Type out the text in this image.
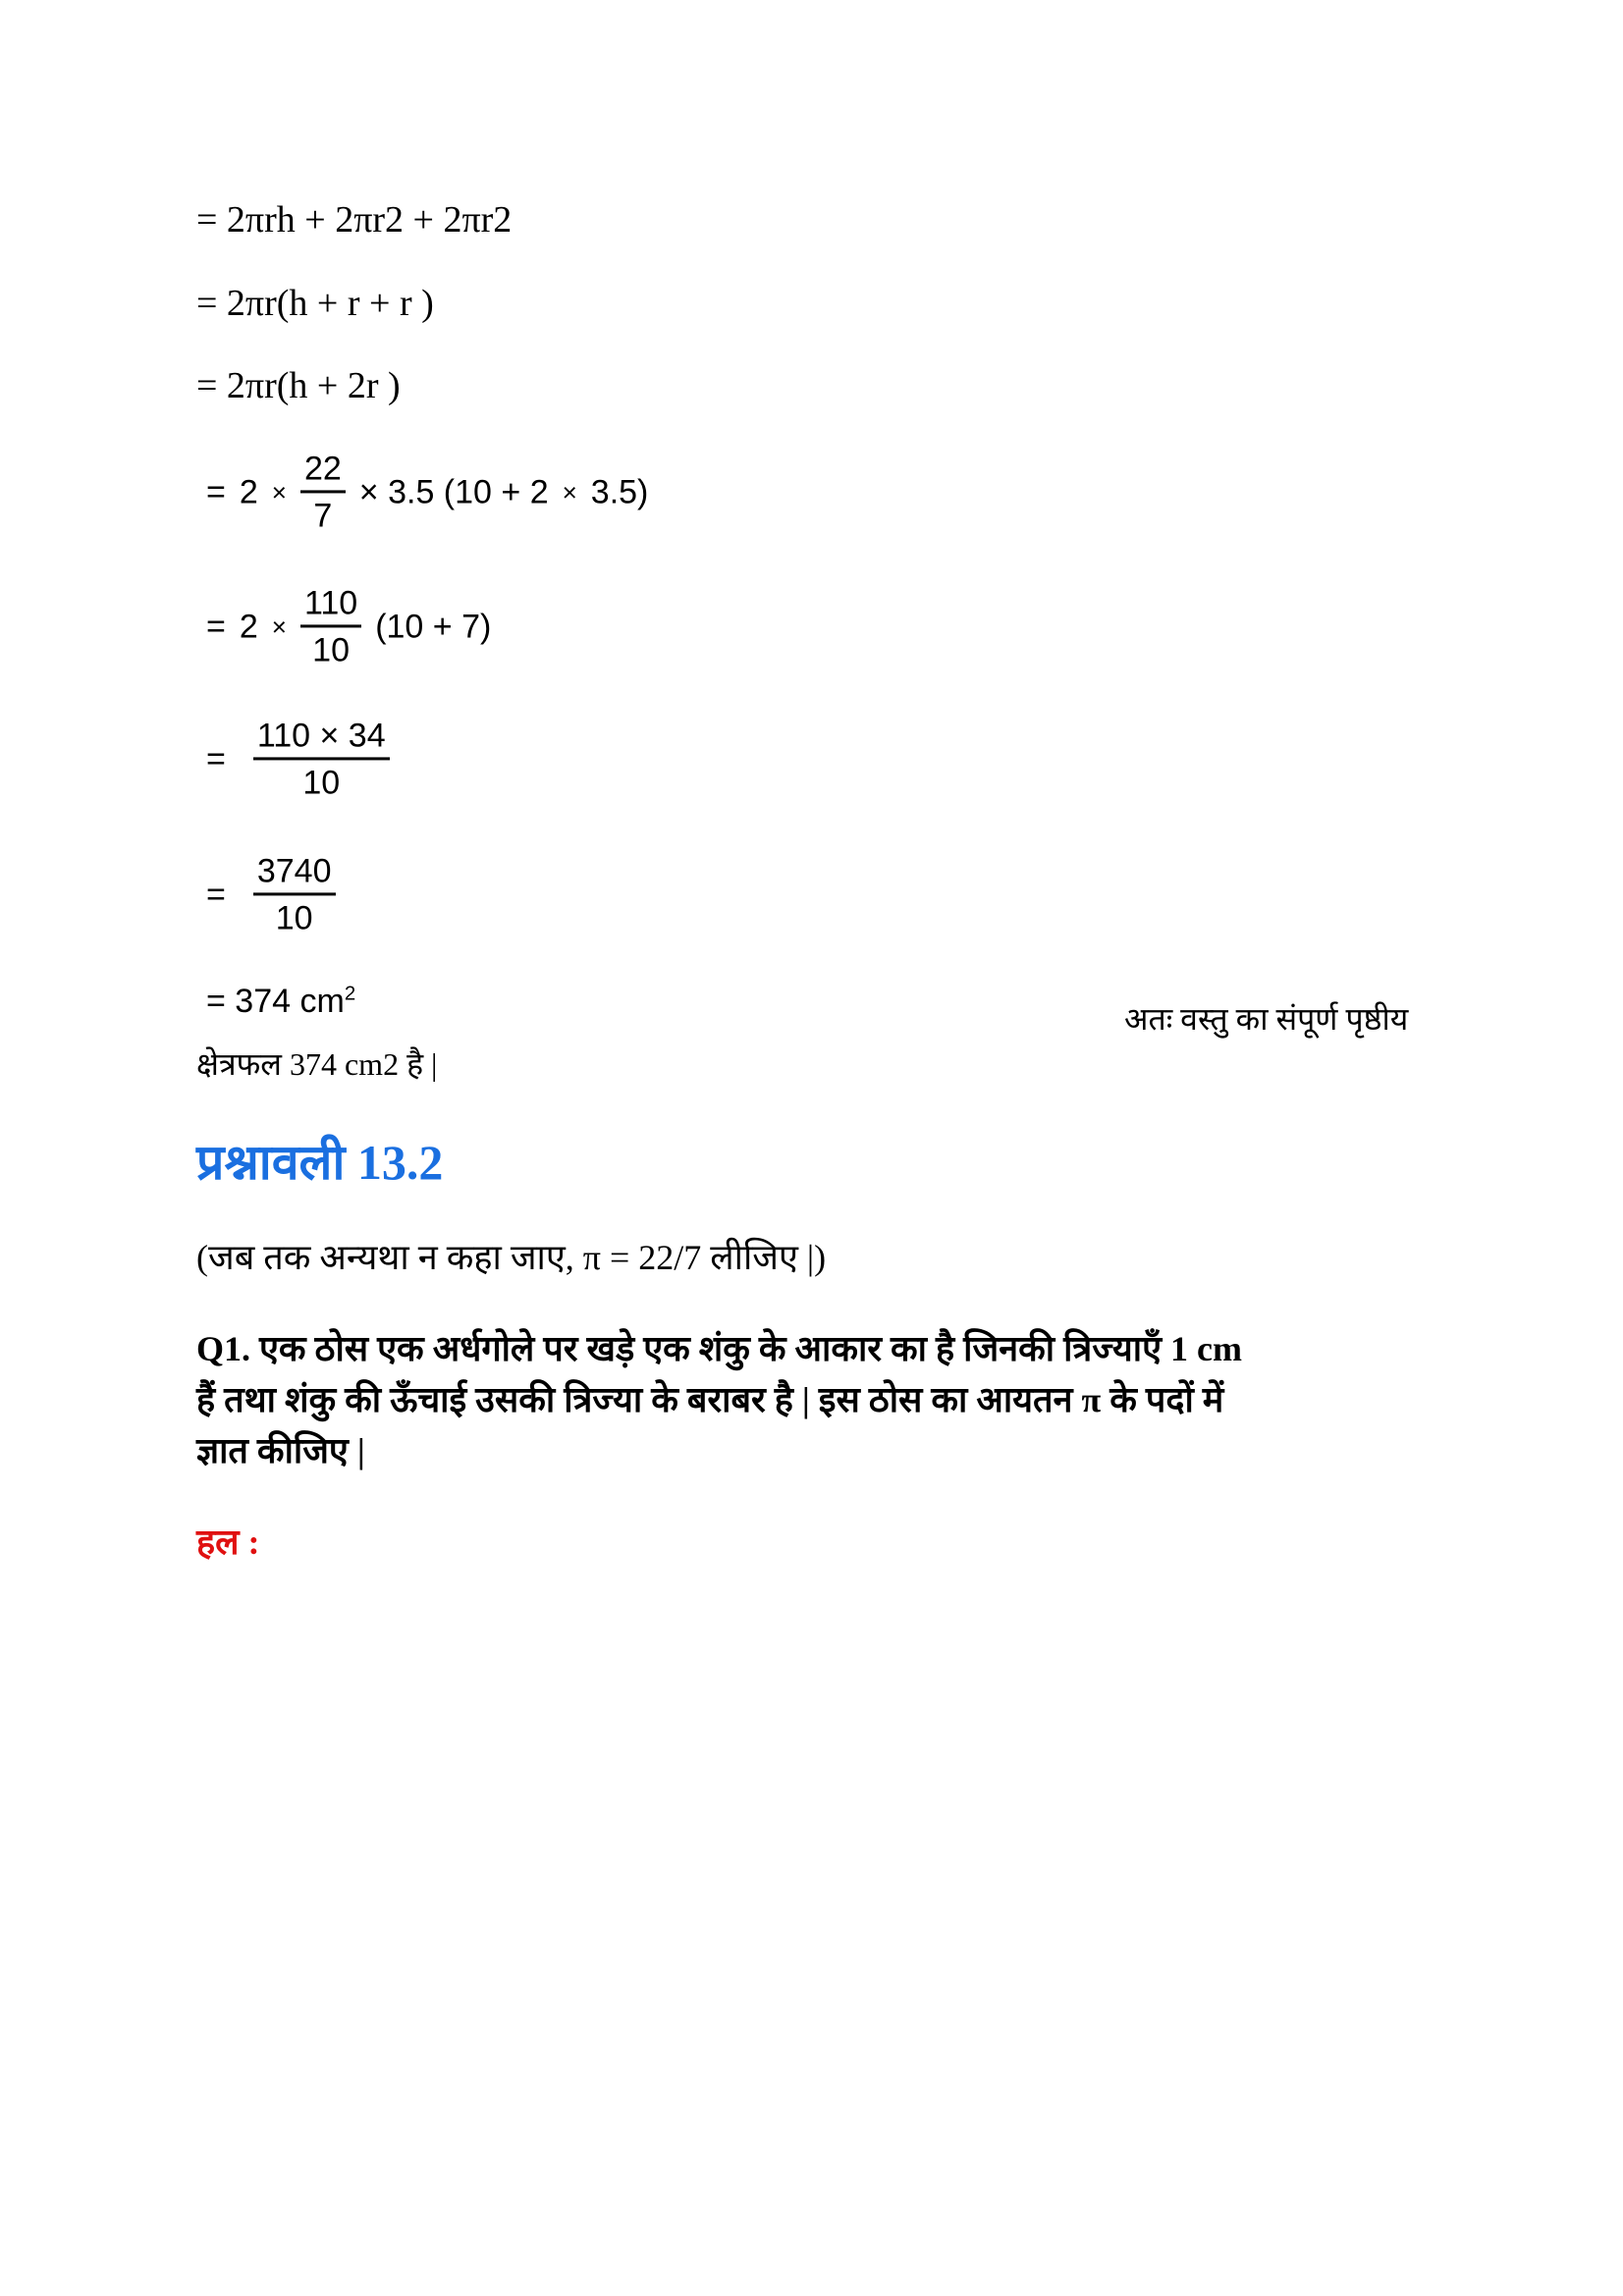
= 2πrh + 2πr2 + 2πr2
= 2πr(h + r + r )
= 2πr(h + 2r )
= $2 \times \frac{22}{7} \times 3.5$ (10 + 2 × 3.5)
= $2 \times \frac{110}{10} (10 + 7)$
= $\frac{110 \times 34}{10}$
= $\frac{3740}{10}$
= 374 $cm^2$
अतः वस्तु का संपूर्ण पृष्ठीय
क्षेत्रफल 374 cm2 है |
प्रश्नावली 13.2
(जब तक अन्यथा न कहा जाए, π = 22/7 लीजिए |)
Q1. एक ठोस एक अर्धगोले पर खड़े एक शंकु के आकार का है जिनकी त्रिज्याएँ 1 cm
हैं तथा शंकु की ऊँचाई उसकी त्रिज्या के बराबर है | इस ठोस का आयतन π के पदों में
ज्ञात कीजिए |
हल :
